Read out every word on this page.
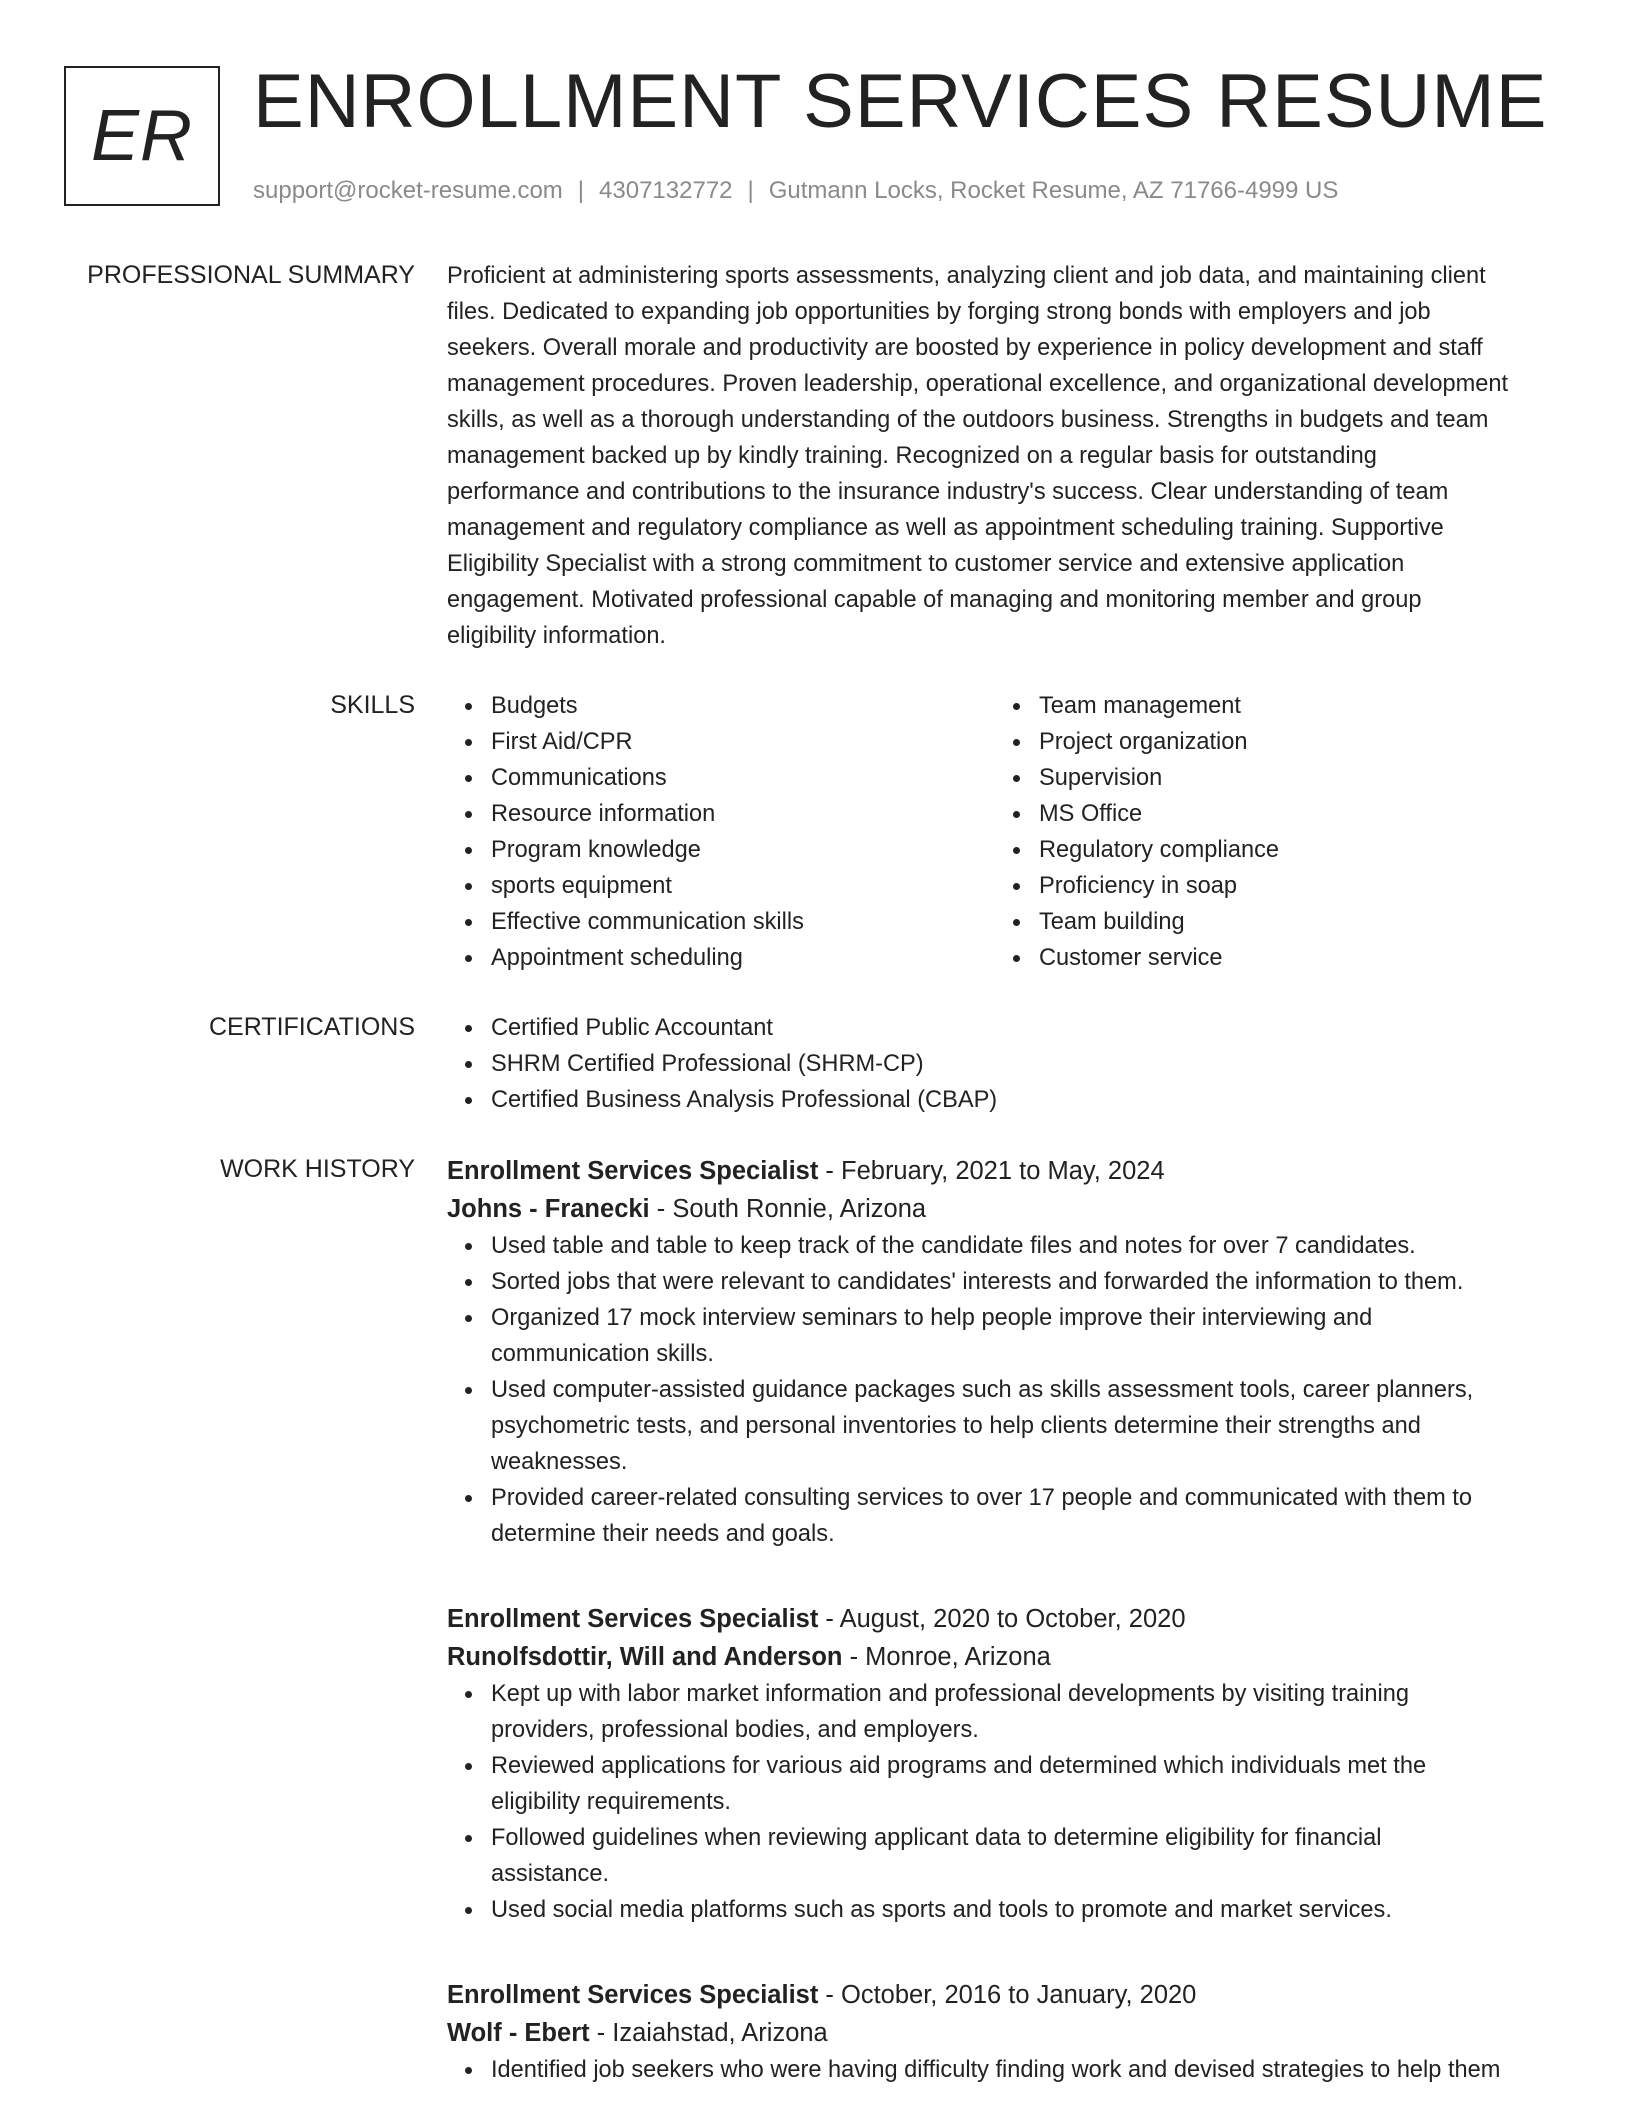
ER ENROLLMENT SERVICES RESUME
support@rocket-resume.com | 4307132772 | Gutmann Locks, Rocket Resume, AZ 71766-4999 US
PROFESSIONAL SUMMARY Proficient at administering sports assessments, analyzing client and job data, and maintaining client
files. Dedicated to expanding job opportunities by forging strong bonds with employers and job
seekers. Overall morale and productivity are boosted by experience in policy development and staff
management procedures. Proven leadership, operational excellence, and organizational development
skills, as well as a thorough understanding of the outdoors business. Strengths in budgets and team
management backed up by kindly training. Recognized on a regular basis for outstanding
performance and contributions to the insurance industry's success. Clear understanding of team
management and regulatory compliance as well as appointment scheduling training. Supportive
Eligibility Specialist with a strong commitment to customer service and extensive application
engagement. Motivated professional capable of managing and monitoring member and group
eligibility information.
SKILLS	Budgets
First Aid/CPR
Communications
Resource information
Program knowledge
sports equipment
Effective communication skills
Appointment scheduling
Team management
Project organization
Supervision
MS Office
Regulatory compliance
Proficiency in soap
Team building
Customer service
CERTIFICATIONS	Certified Public Accountant
SHRM Certified Professional (SHRM-CP)
Certified Business Analysis Professional (CBAP)
WORK HISTORY Enrollment Services Specialist - February, 2021 to May, 2024
Johns - Franecki - South Ronnie, Arizona
Used table and table to keep track of the candidate files and notes for over 7 candidates.
Sorted jobs that were relevant to candidates' interests and forwarded the information to them.
Organized 17 mock interview seminars to help people improve their interviewing and
communication skills.
Used computer-assisted guidance packages such as skills assessment tools, career planners,
psychometric tests, and personal inventories to help clients determine their strengths and
weaknesses.
Provided career-related consulting services to over 17 people and communicated with them to
determine their needs and goals.
Enrollment Services Specialist - August, 2020 to October, 2020
Runolfsdottir, Will and Anderson - Monroe, Arizona
Kept up with labor market information and professional developments by visiting training
providers, professional bodies, and employers.
Reviewed applications for various aid programs and determined which individuals met the
eligibility requirements.
Followed guidelines when reviewing applicant data to determine eligibility for financial
assistance.
Used social media platforms such as sports and tools to promote and market services.
Enrollment Services Specialist - October, 2016 to January, 2020
Wolf - Ebert - Izaiahstad, Arizona
Identified job seekers who were having difficulty finding work and devised strategies to help them
